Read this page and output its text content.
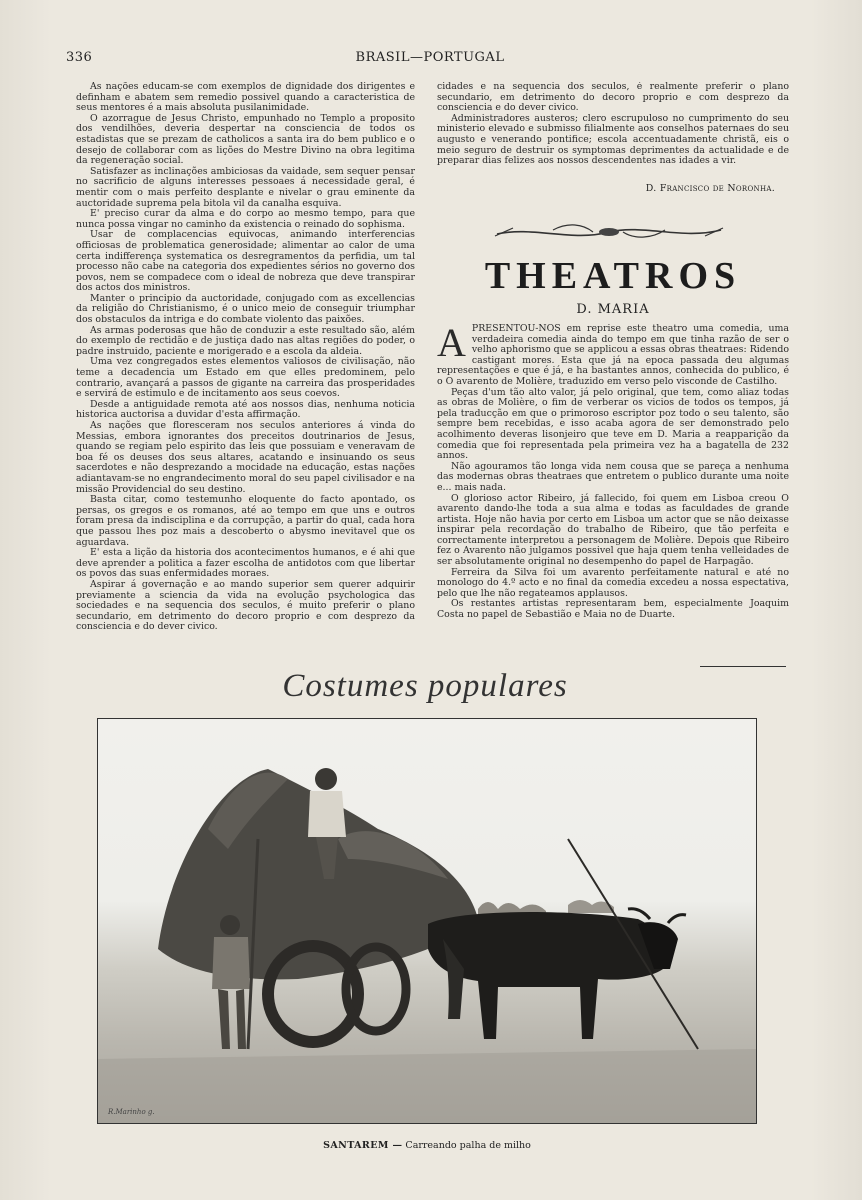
336	BRASIL—PORTUGAL

As nações educam-se com exemplos de dignidade dos dirigentes e definham e abatem sem remedio possivel quando a caracteristica de seus mentores é a mais absoluta pusilanimidade.

O azorrague de Jesus Christo, empunhado no Templo a proposito dos vendilhões, deveria despertar na consciencia de todos os estadistas que se prezam de catholicos a santa ira do bem publico e o desejo de collaborar com as lições do Mestre Divino na obra legitima da regeneração social.

Satisfazer as inclinações ambiciosas da vaidade, sem sequer pensar no sacrificio de alguns interesses pessoaes á necessidade geral, é mentir com o mais perfeito desplante e nivelar o grau eminente da auctoridade suprema pela bitola vil da canalha esquiva.

E' preciso curar da alma e do corpo ao mesmo tempo, para que nunca possa vingar no caminho da existencia o reinado do sophisma.

Usar de complacencias equivocas, animando interferencias officiosas de problematica generosidade; alimentar ao calor de uma certa indifferença systematica os desregramentos da perfidia, um tal processo não cabe na categoria dos expedientes sérios no governo dos povos, nem se compadece com o ideal de nobreza que deve transpirar dos actos dos ministros.

Manter o principio da auctoridade, conjugado com as excellencias da religião do Christianismo, é o unico meio de conseguir triumphar dos obstaculos da intriga e do combate violento das paixões.

As armas poderosas que hão de conduzir a este resultado são, além do exemplo de rectidão e de justiça dado nas altas regiões do poder, o padre instruido, paciente e morigerado e a escola da aldeia.

Uma vez congregados estes elementos valiosos de civilisação, não teme a decadencia um Estado em que elles predominem, pelo contrario, avançará a passos de gigante na carreira das prosperidades e servirá de estimulo e de incitamento aos seus coevos.

Desde a antiguidade remota até aos nossos dias, nenhuma noticia historica auctorisa a duvidar d'esta affirmação.

As nações que floresceram nos seculos anteriores á vinda do Messias, embora ignorantes dos preceitos doutrinarios de Jesus, quando se regiam pelo espirito das leis que possuiam e veneravam de boa fé os deuses dos seus altares, acatando e insinuando os seus sacerdotes e não desprezando a mocidade na educação, estas nações adiantavam-se no engrandecimento moral do seu papel civilisador e na missão Providencial do seu destino.

Basta citar, como testemunho eloquente do facto apontado, os persas, os gregos e os romanos, até ao tempo em que uns e outros foram presa da indisciplina e da corrupção, a partir do qual, cada hora que passou lhes poz mais a descoberto o abysmo inevitavel que os aguardava.

E' esta a lição da historia dos acontecimentos humanos, e é ahi que deve aprender a politica a fazer escolha de antidotos com que libertar os povos das suas enfermidades moraes.

Aspirar á governação e ao mando superior sem querer adquirir previamente a sciencia da vida na evolução psychologica das sociedades e na sequencia dos seculos, é muito preferir o plano secundario, em detrimento do decoro proprio e com desprezo da consciencia e do dever civico.

cidades e na sequencia dos seculos, é realmente preferir o plano secundario, em detrimento do decoro proprio e com desprezo da consciencia e do dever civico.

Administradores austeros; clero escrupuloso no cumprimento do seu ministerio elevado e submisso filialmente aos conselhos paternaes do seu augusto e venerando pontifice; escola accentuadamente christã, eis o meio seguro de destruir os symptomas deprimentes da actualidade e de preparar dias felizes aos nossos descendentes nas idades a vir.

D. Francisco de Noronha.
THEATROS
D. MARIA

APRESENTOU-NOS em reprise este theatro uma comedia, uma verdadeira comedia ainda do tempo em que tinha razão de ser o velho aphorismo que se applicou a essas obras theatraes: Ridendo castigant mores. Esta que já na epoca passada deu algumas representações e que é já, e ha bastantes annos, conhecida do publico, é o O avarento de Molière, traduzido em verso pelo visconde de Castilho.

Peças d'um tão alto valor, já pelo original, que tem, como aliaz todas as obras de Molière, o fim de verberar os vicios de todos os tempos, já pela traducção em que o primoroso escriptor poz todo o seu talento, são sempre bem recebidas, e isso acaba agora de ser demonstrado pelo acolhimento deveras lisonjeiro que teve em D. Maria a reapparição da comedia que foi representada pela primeira vez ha a bagatella de 232 annos.

Não agouramos tão longa vida nem cousa que se pareça a nenhuma das modernas obras theatraes que entretem o publico durante uma noite e... mais nada.

O glorioso actor Ribeiro, já fallecido, foi quem em Lisboa creou O avarento dando-lhe toda a sua alma e todas as faculdades de grande artista. Hoje não havia por certo em Lisboa um actor que se não deixasse inspirar pela recordação do trabalho de Ribeiro, que tão perfeita e correctamente interpretou a personagem de Molière. Depois que Ribeiro fez o Avarento não julgamos possivel que haja quem tenha velleidades de ser absolutamente original no desempenho do papel de Harpagão.

Ferreira da Silva foi um avarento perfeitamente natural e até no monologo do 4.º acto e no final da comedia excedeu a nossa espectativa, pelo que lhe não regateamos applausos.

Os restantes artistas representaram bem, especialmente Joaquim Costa no papel de Sebastião e Maia no de Duarte.

Costumes populares
R.Marinho g.
SANTAREM — Carreando palha de milho
